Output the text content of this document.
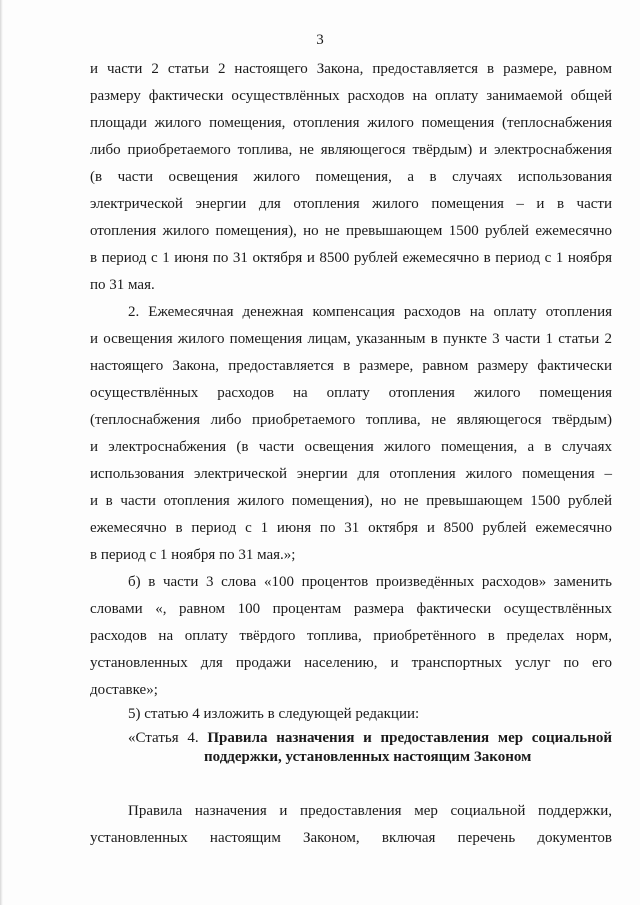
3
и части 2 статьи 2 настоящего Закона, предоставляется в размере, равном
размеру фактически осуществлённых расходов на оплату занимаемой общей
площади жилого помещения, отопления жилого помещения (теплоснабжения
либо приобретаемого топлива, не являющегося твёрдым) и электроснабжения
(в части освещения жилого помещения, а в случаях использования
электрической энергии для отопления жилого помещения – и в части
отопления жилого помещения), но не превышающем 1500 рублей ежемесячно
в период с 1 июня по 31 октября и 8500 рублей ежемесячно в период с 1 ноября
по 31 мая.
2. Ежемесячная денежная компенсация расходов на оплату отопления
и освещения жилого помещения лицам, указанным в пункте 3 части 1 статьи 2
настоящего Закона, предоставляется в размере, равном размеру фактически
осуществлённых расходов на оплату отопления жилого помещения
(теплоснабжения либо приобретаемого топлива, не являющегося твёрдым)
и электроснабжения (в части освещения жилого помещения, а в случаях
использования электрической энергии для отопления жилого помещения –
и в части отопления жилого помещения), но не превышающем 1500 рублей
ежемесячно в период с 1 июня по 31 октября и 8500 рублей ежемесячно
в период с 1 ноября по 31 мая.»;
б) в части 3 слова «100 процентов произведённых расходов» заменить
словами «, равном 100 процентам размера фактически осуществлённых
расходов на оплату твёрдого топлива, приобретённого в пределах норм,
установленных для продажи населению, и транспортных услуг по его
доставке»;
5) статью 4 изложить в следующей редакции:
«Статья 4. Правила назначения и предоставления мер социальной
поддержки, установленных настоящим Законом
Правила назначения и предоставления мер социальной поддержки,
установленных настоящим Законом, включая перечень документов
